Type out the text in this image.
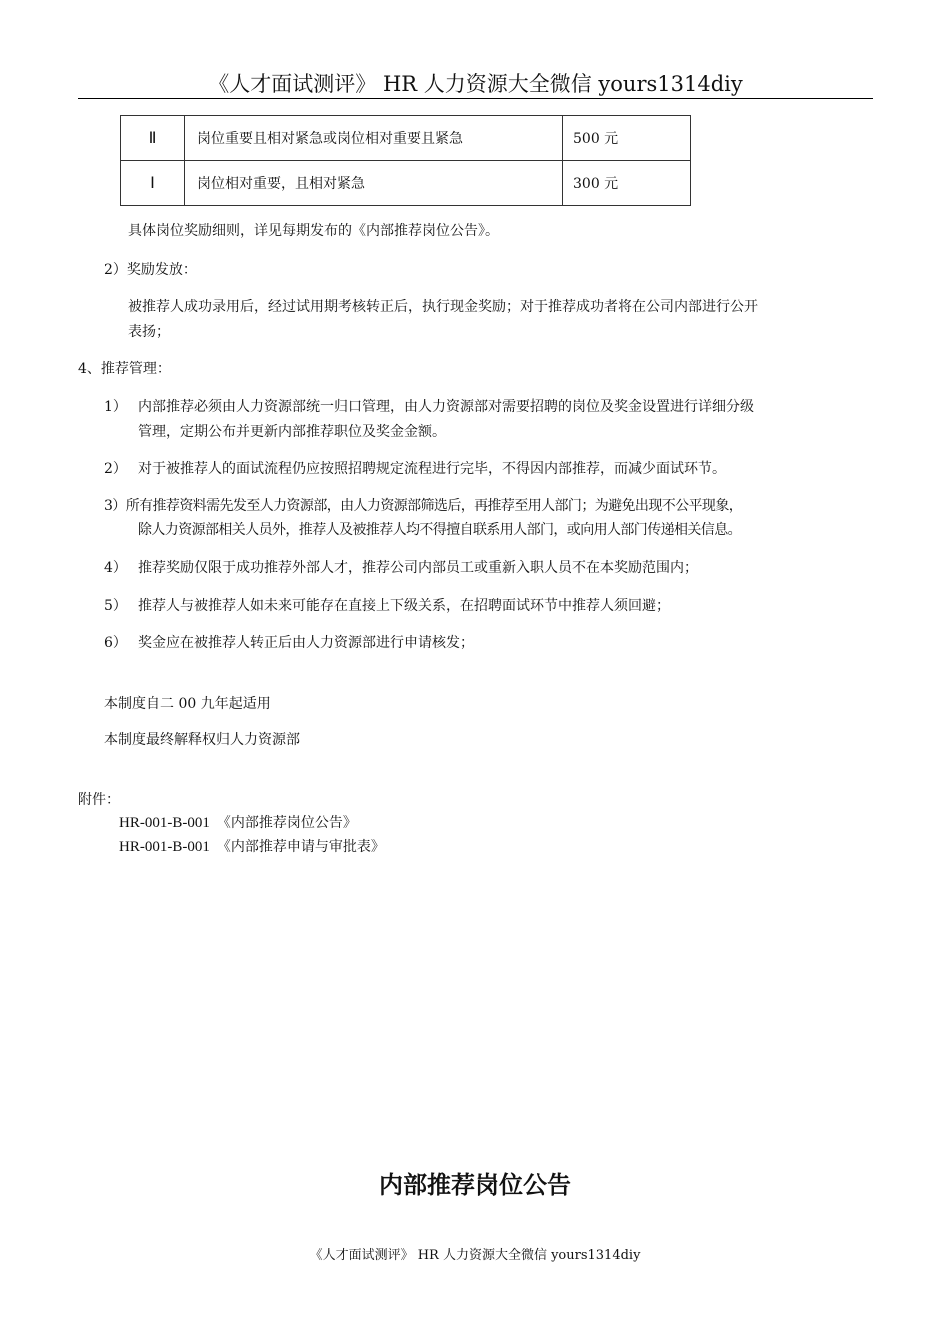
《人才面试测评》 HR 人力资源大全微信 yours1314diy
Ⅱ	岗位重要且相对紧急或岗位相对重要且紧急	500 元
Ⅰ	岗位相对重要，且相对紧急	300 元
具体岗位奖励细则，详见每期发布的《内部推荐岗位公告》。
2）奖励发放：
被推荐人成功录用后，经过试用期考核转正后，执行现金奖励；对于推荐成功者将在公司内部进行公开
表扬；
4、推荐管理：
1） 内部推荐必须由人力资源部统一归口管理，由人力资源部对需要招聘的岗位及奖金设置进行详细分级
管理，定期公布并更新内部推荐职位及奖金金额。
2） 对于被推荐人的面试流程仍应按照招聘规定流程进行完毕，不得因内部推荐，而减少面试环节。
3）所有推荐资料需先发至人力资源部，由人力资源部筛选后，再推荐至用人部门；为避免出现不公平现象，
除人力资源部相关人员外，推荐人及被推荐人均不得擅自联系用人部门，或向用人部门传递相关信息。
4） 推荐奖励仅限于成功推荐外部人才，推荐公司内部员工或重新入职人员不在本奖励范围内；
5） 推荐人与被推荐人如未来可能存在直接上下级关系，在招聘面试环节中推荐人须回避；
6） 奖金应在被推荐人转正后由人力资源部进行申请核发；
本制度自二 00 九年起适用
本制度最终解释权归人力资源部
附件：
HR-001-B-001 《内部推荐岗位公告》
HR-001-B-001 《内部推荐申请与审批表》
内部推荐岗位公告
《人才面试测评》 HR 人力资源大全微信 yours1314diy
